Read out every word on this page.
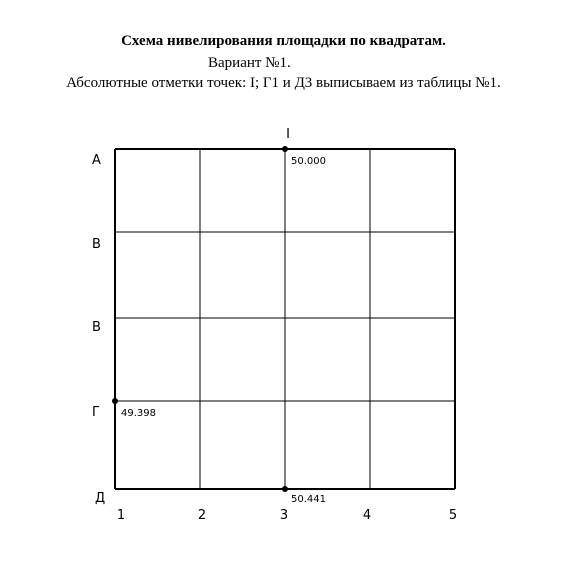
Схема нивелирования площадки по квадратам.
Вариант №1.
Абсолютные отметки точек: I; Г1 и Д3 выписываем из таблицы №1.
I
А
В
В
Г
Д
1	2	3	4	5
50.000
49.398
50.441
